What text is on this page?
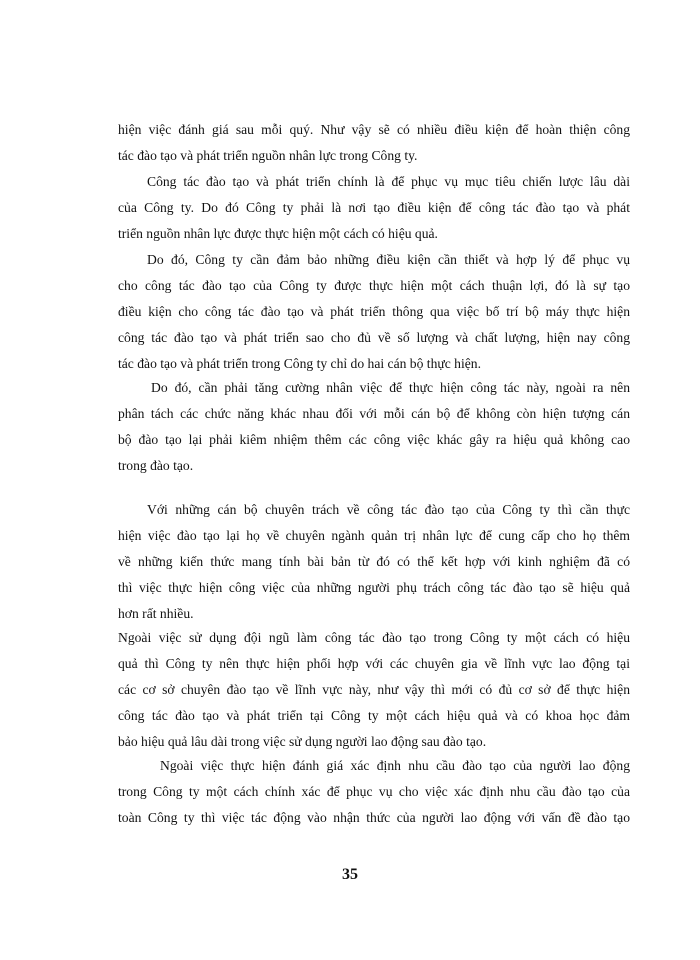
hiện việc đánh giá sau mỗi quý. Như vậy sẽ có nhiều điều kiện để hoàn thiện công
tác đào tạo và phát triển nguồn nhân lực trong Công ty.
Công tác đào tạo và phát triển chính là để phục vụ mục tiêu chiến lược lâu dài
của Công ty. Do đó Công ty phải là nơi tạo điều kiện để công tác đào tạo và phát
triển nguồn nhân lực được thực hiện một cách có hiệu quả.
Do đó, Công ty cần đảm bảo những điều kiện cần thiết và hợp lý để phục vụ
cho công tác đào tạo của Công ty được thực hiện một cách thuận lợi, đó là sự tạo
điều kiện cho công tác đào tạo và phát triển thông qua việc bố trí bộ máy thực hiện
công tác đào tạo và phát triển sao cho đủ về số lượng và chất lượng, hiện nay công
tác đào tạo và phát triển trong Công ty chỉ do hai cán bộ thực hiện.
Do đó, cần phải tăng cường nhân việc để thực hiện công tác này, ngoài ra nên
phân tách các chức năng khác nhau đối với mỗi cán bộ để không còn hiện tượng cán
bộ đào tạo lại phải kiêm nhiệm thêm các công việc khác gây ra hiệu quả không cao
trong đào tạo.
Với những cán bộ chuyên trách về công tác đào tạo của Công ty thì cần thực
hiện việc đào tạo lại họ về chuyên ngành quản trị nhân lực để cung cấp cho họ thêm
về những kiến thức mang tính bài bản từ đó có thể kết hợp với kinh nghiệm đã có
thì việc thực hiện công việc của những người phụ trách công tác đào tạo sẽ hiệu quả
hơn rất nhiều.
Ngoài việc sử dụng đội ngũ làm công tác đào tạo trong Công ty một cách có hiệu
quả thì Công ty nên thực hiện phối hợp với các chuyên gia về lĩnh vực lao động tại
các cơ sở chuyên đào tạo về lĩnh vực này, như vậy thì mới có đủ cơ sở để thực hiện
công tác đào tạo và phát triển tại Công ty một cách hiệu quả và có khoa học đảm
bảo hiệu quả lâu dài trong việc sử dụng người lao động sau đào tạo.
Ngoài việc thực hiện đánh giá xác định nhu cầu đào tạo của người lao động
trong Công ty một cách chính xác để phục vụ cho việc xác định nhu cầu đào tạo của
toàn Công ty thì việc tác động vào nhận thức của người lao động với vấn đề đào tạo
35
